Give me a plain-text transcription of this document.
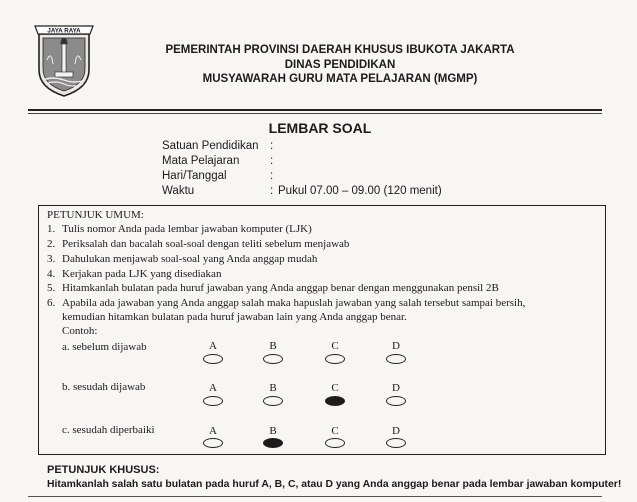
JAYA RAYA
PEMERINTAH PROVINSI DAERAH KHUSUS IBUKOTA JAKARTA
DINAS PENDIDIKAN
MUSYAWARAH GURU MATA PELAJARAN (MGMP)
LEMBAR SOAL
Satuan Pendidikan :
Mata Pelajaran	:
Hari/Tanggal	:
Waktu	: Pukul 07.00 – 09.00 (120 menit)
PETUNJUK UMUM:
1. Tulis nomor Anda pada lembar jawaban komputer (LJK)
2. Periksalah dan bacalah soal-soal dengan teliti sebelum menjawab
3. Dahulukan menjawab soal-soal yang Anda anggap mudah
4. Kerjakan pada LJK yang disediakan
5. Hitamkanlah bulatan pada huruf jawaban yang Anda anggap benar dengan menggunakan pensil 2B
6. Apabila ada jawaban yang Anda anggap salah maka hapuslah jawaban yang salah tersebut sampai bersih,
kemudian hitamkan bulatan pada huruf jawaban lain yang Anda anggap benar.
Contoh:
a. sebelum dijawab	A	B	C	D
b. sesudah dijawab	A	B	C	D
c. sesudah diperbaiki	A	B	C	D
PETUNJUK KHUSUS:
Hitamkanlah salah satu bulatan pada huruf A, B, C, atau D yang Anda anggap benar pada lembar jawaban komputer!
